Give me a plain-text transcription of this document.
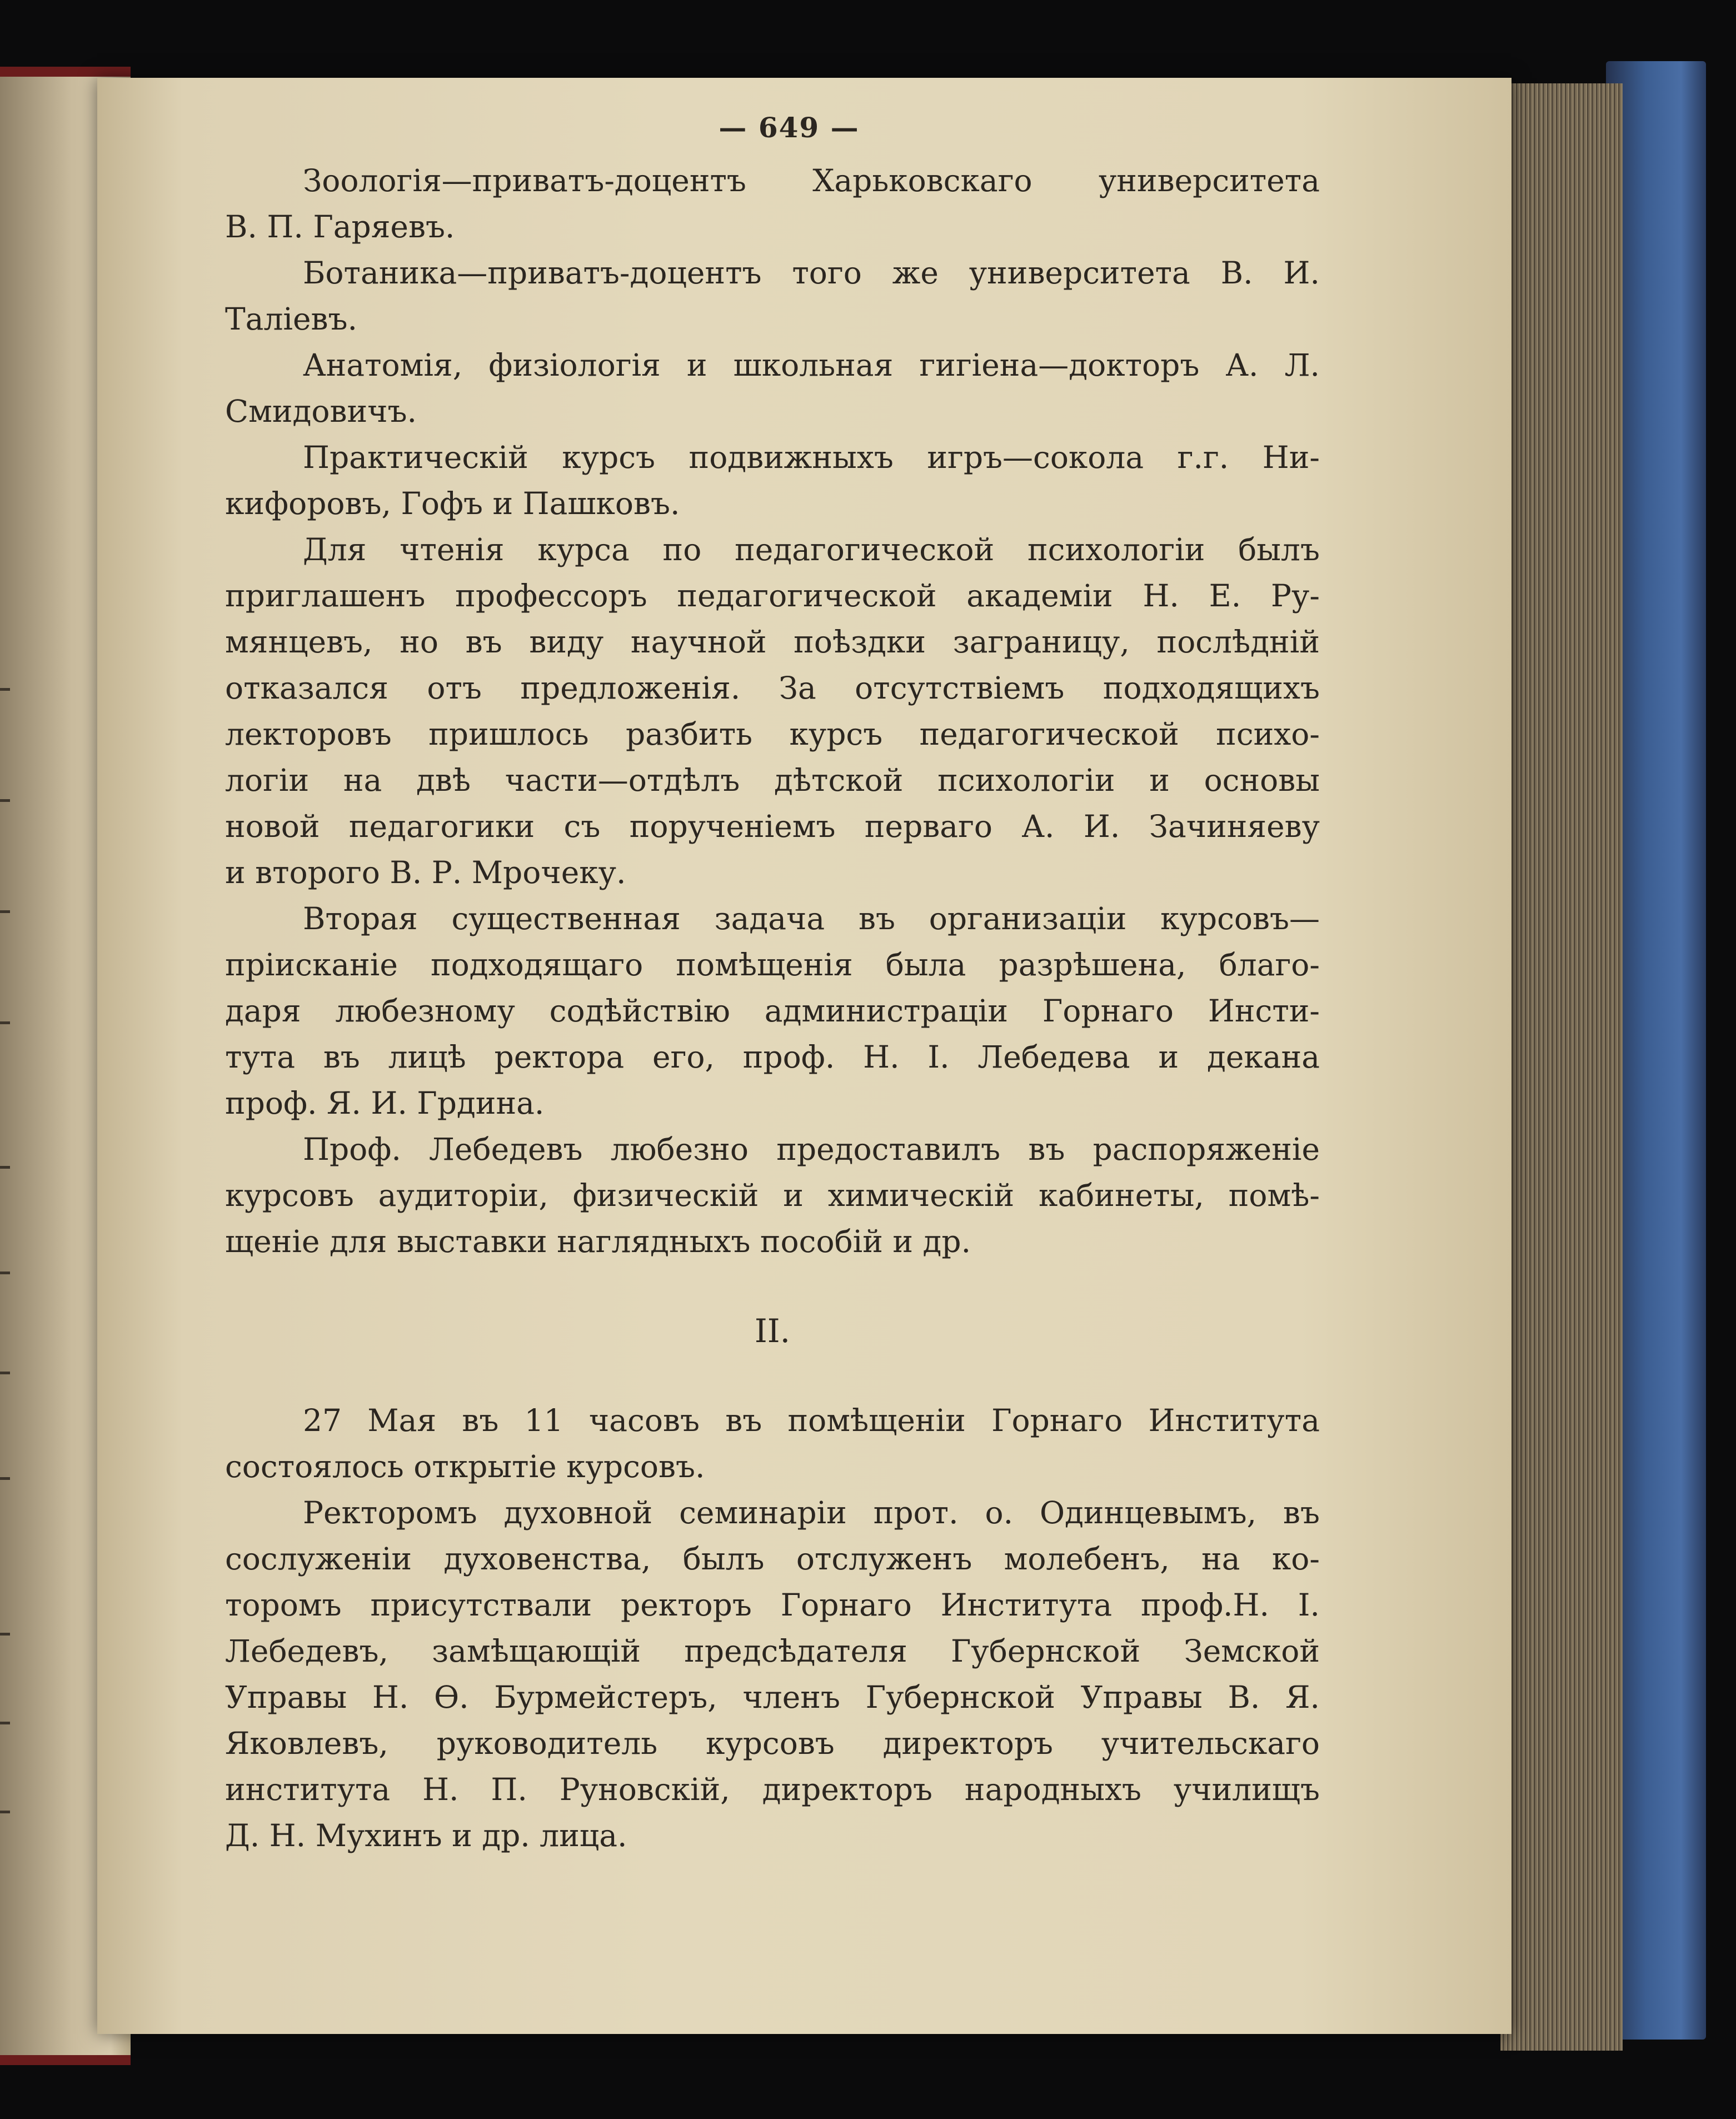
— 649 —
Зоологія—приватъ-доцентъ Харьковскаго университета
В. П. Гаряевъ.
Ботаника—приватъ-доцентъ того же университета В. И.
Таліевъ.
Анатомія, физіологія и школьная гигіена—докторъ А. Л.
Смидовичъ.
Практическій курсъ подвижныхъ игръ—сокола г.г. Ни-
кифоровъ, Гофъ и Пашковъ.
Для чтенія курса по педагогической психологіи былъ
приглашенъ профессоръ педагогической академіи Н. Е. Ру-
мянцевъ, но въ виду научной поѣздки заграницу, послѣдній
отказался отъ предложенія. За отсутствіемъ подходящихъ
лекторовъ пришлось разбить курсъ педагогической психо-
логіи на двѣ части—отдѣлъ дѣтской психологіи и основы
новой педагогики съ порученіемъ перваго А. И. Зачиняеву
и второго В. Р. Мрочеку.
Вторая существенная задача въ организаціи курсовъ—
пріисканіе подходящаго помѣщенія была разрѣшена, благо-
даря любезному содѣйствію администраціи Горнаго Инсти-
тута въ лицѣ ректора его, проф. Н. І. Лебедева и декана
проф. Я. И. Грдина.
Проф. Лебедевъ любезно предоставилъ въ распоряженіе
курсовъ аудиторіи, физическій и химическій кабинеты, помѣ-
щеніе для выставки наглядныхъ пособій и др.
II.
27 Мая въ 11 часовъ въ помѣщеніи Горнаго Института
состоялось открытіе курсовъ.
Ректоромъ духовной семинаріи прот. о. Одинцевымъ, въ
сослуженіи духовенства, былъ отслуженъ молебенъ, на ко-
торомъ присутствали ректоръ Горнаго Института проф.Н. І.
Лебедевъ, замѣщающій предсѣдателя Губернской Земской
Управы Н. Ѳ. Бурмейстеръ, членъ Губернской Управы В. Я.
Яковлевъ, руководитель курсовъ директоръ учительскаго
института Н. П. Руновскій, директоръ народныхъ училищъ
Д. Н. Мухинъ и др. лица.
